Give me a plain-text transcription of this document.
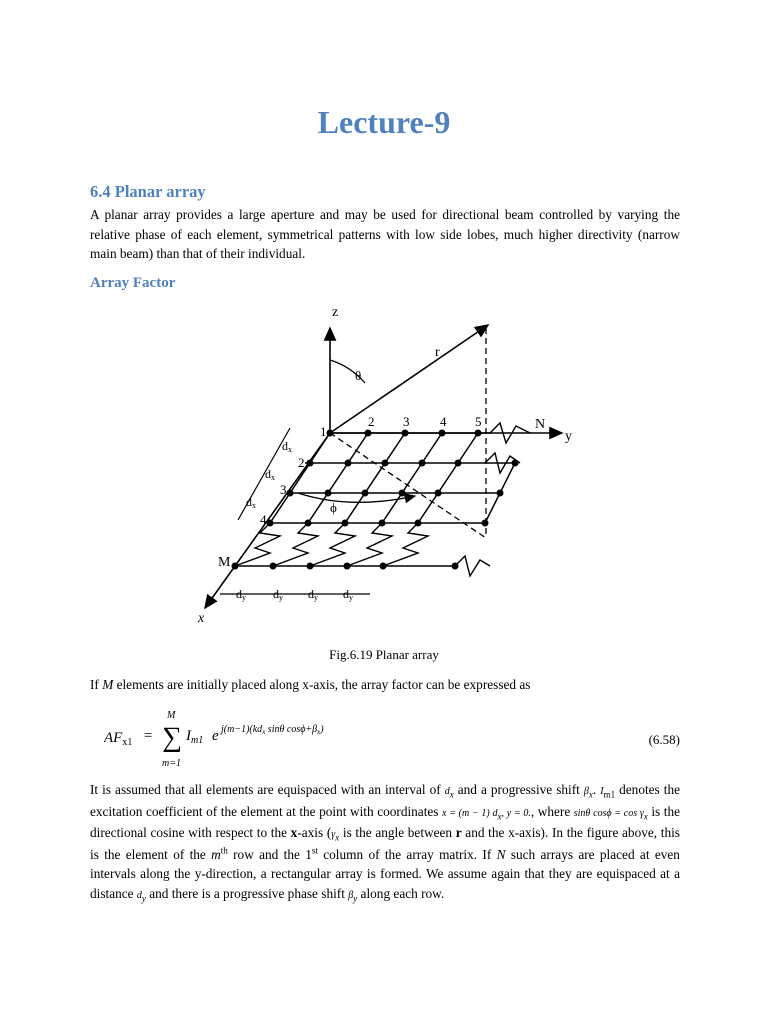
Lecture-9
6.4 Planar array
A planar array provides a large aperture and may be used for directional beam controlled by varying the relative phase of each element, symmetrical patterns with low side lobes, much higher directivity (narrow main beam) than that of their individual.
Array Factor
z
r
θ
ϕ
y
N
x
1
2 3 4 5
2
3
4
M
dx
dx
dx
dy dy dy dy
Fig.6.19 Planar array
If M elements are initially placed along x-axis, the array factor can be expressed as
$AF_{x1}$ = ∑
M
m=1
$I_{m1}$ e $j(m-1)(kd_x$ sinθ $\cos\phi+\beta_x$)
(6.58)
It is assumed that all elements are equispaced with an interval of $d_x$ and a progressive shift $\beta_x$. $I_{m1}$ denotes the excitation coefficient of the element at the point with coordinates x = (m − 1) $d_x$, y = 0., where sinθ $\cos\phi = \cos \gamma_x$ is the directional cosine with respect to the x-axis ($\gamma_x$ is the angle between r and the x-axis). In the figure above, this is the element of the $m^{th}$ row and the 1st column of the array matrix. If N such arrays are placed at even intervals along the y-direction, a rectangular array is formed. We assume again that they are equispaced at a distance $d_y$ and there is a progressive phase shift $\beta_y$ along each row.
